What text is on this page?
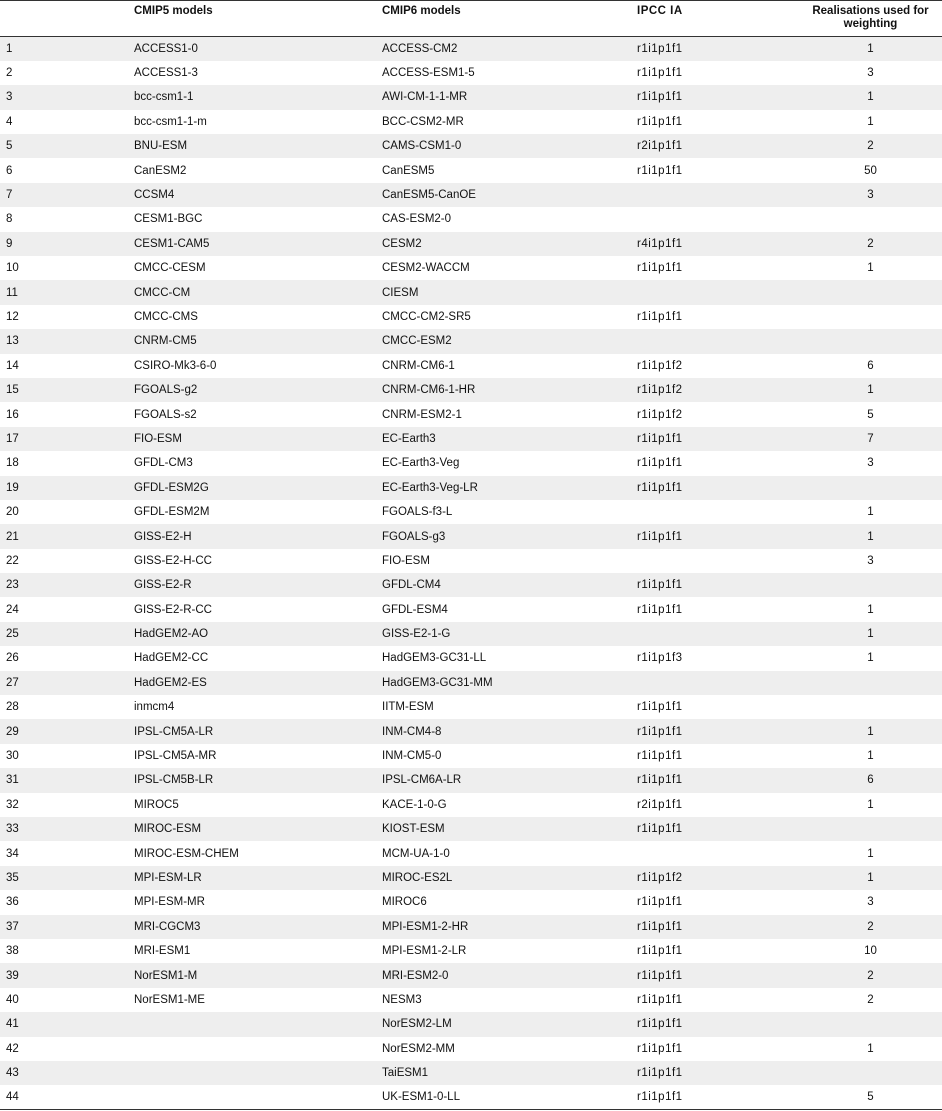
	CMIP5 models	CMIP6 models	IPCC IA	Realisations used for weighting
1	ACCESS1-0	ACCESS-CM2	r1i1p1f1	1
2	ACCESS1-3	ACCESS-ESM1-5	r1i1p1f1	3
3	bcc-csm1-1	AWI-CM-1-1-MR	r1i1p1f1	1
4	bcc-csm1-1-m	BCC-CSM2-MR	r1i1p1f1	1
5	BNU-ESM	CAMS-CSM1-0	r2i1p1f1	2
6	CanESM2	CanESM5	r1i1p1f1	50
7	CCSM4	CanESM5-CanOE		3
8	CESM1-BGC	CAS-ESM2-0		
9	CESM1-CAM5	CESM2	r4i1p1f1	2
10	CMCC-CESM	CESM2-WACCM	r1i1p1f1	1
11	CMCC-CM	CIESM		
12	CMCC-CMS	CMCC-CM2-SR5	r1i1p1f1	
13	CNRM-CM5	CMCC-ESM2		
14	CSIRO-Mk3-6-0	CNRM-CM6-1	r1i1p1f2	6
15	FGOALS-g2	CNRM-CM6-1-HR	r1i1p1f2	1
16	FGOALS-s2	CNRM-ESM2-1	r1i1p1f2	5
17	FIO-ESM	EC-Earth3	r1i1p1f1	7
18	GFDL-CM3	EC-Earth3-Veg	r1i1p1f1	3
19	GFDL-ESM2G	EC-Earth3-Veg-LR	r1i1p1f1	
20	GFDL-ESM2M	FGOALS-f3-L		1
21	GISS-E2-H	FGOALS-g3	r1i1p1f1	1
22	GISS-E2-H-CC	FIO-ESM		3
23	GISS-E2-R	GFDL-CM4	r1i1p1f1	
24	GISS-E2-R-CC	GFDL-ESM4	r1i1p1f1	1
25	HadGEM2-AO	GISS-E2-1-G		1
26	HadGEM2-CC	HadGEM3-GC31-LL	r1i1p1f3	1
27	HadGEM2-ES	HadGEM3-GC31-MM		
28	inmcm4	IITM-ESM	r1i1p1f1	
29	IPSL-CM5A-LR	INM-CM4-8	r1i1p1f1	1
30	IPSL-CM5A-MR	INM-CM5-0	r1i1p1f1	1
31	IPSL-CM5B-LR	IPSL-CM6A-LR	r1i1p1f1	6
32	MIROC5	KACE-1-0-G	r2i1p1f1	1
33	MIROC-ESM	KIOST-ESM	r1i1p1f1	
34	MIROC-ESM-CHEM	MCM-UA-1-0		1
35	MPI-ESM-LR	MIROC-ES2L	r1i1p1f2	1
36	MPI-ESM-MR	MIROC6	r1i1p1f1	3
37	MRI-CGCM3	MPI-ESM1-2-HR	r1i1p1f1	2
38	MRI-ESM1	MPI-ESM1-2-LR	r1i1p1f1	10
39	NorESM1-M	MRI-ESM2-0	r1i1p1f1	2
40	NorESM1-ME	NESM3	r1i1p1f1	2
41		NorESM2-LM	r1i1p1f1	
42		NorESM2-MM	r1i1p1f1	1
43		TaiESM1	r1i1p1f1	
44		UK-ESM1-0-LL	r1i1p1f1	5
